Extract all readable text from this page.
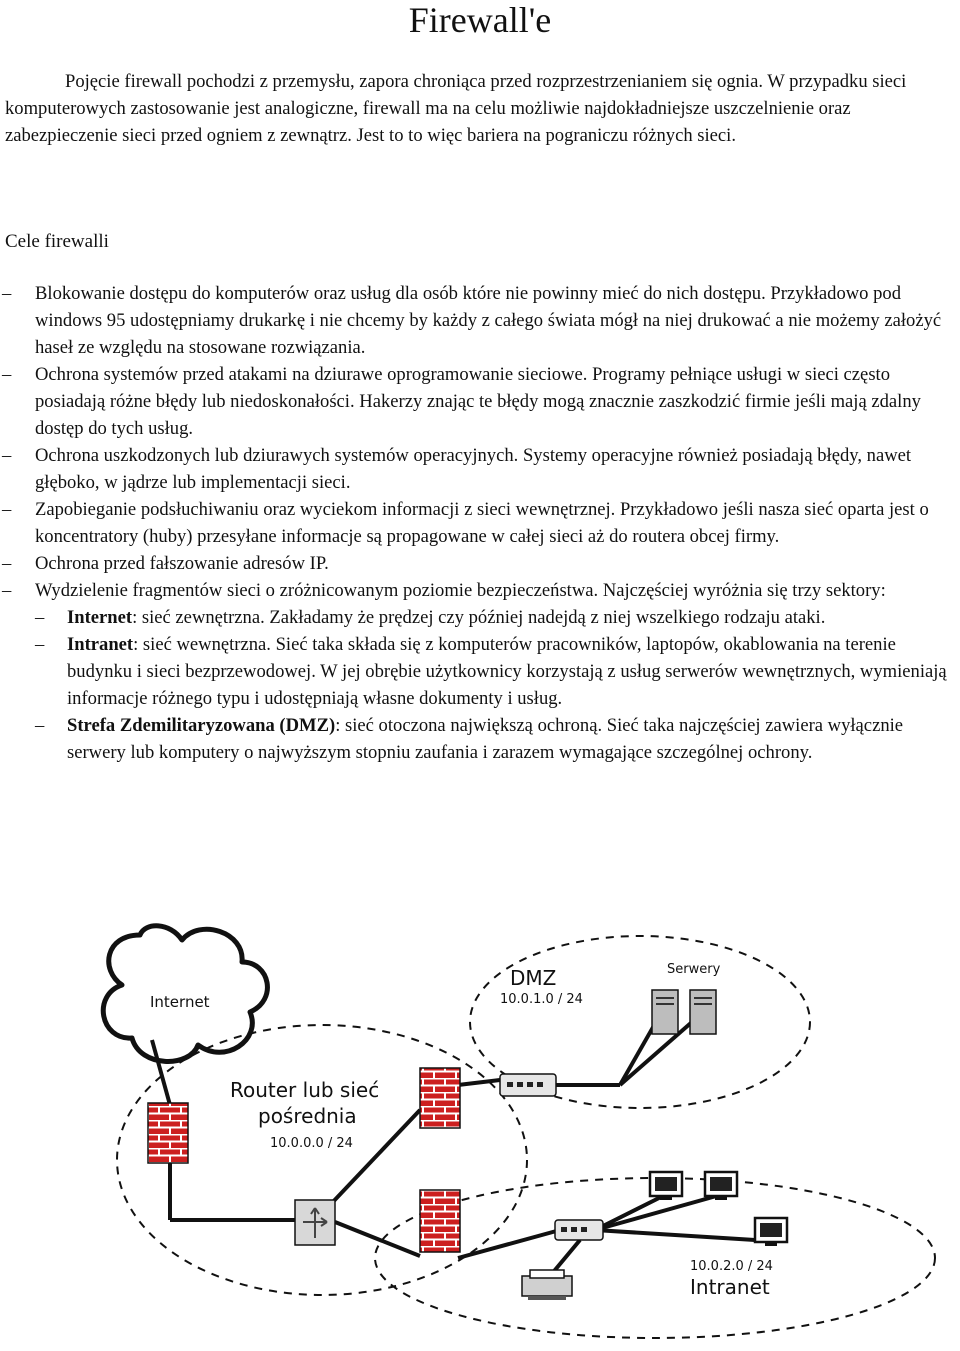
Firewall'e

Pojęcie firewall pochodzi z przemysłu, zapora chroniąca przed rozprzestrzenianiem się ognia. W przypadku sieci komputerowych zastosowanie jest analogiczne, firewall ma na celu możliwie najdokładniejsze uszczelnienie oraz zabezpieczenie sieci przed ogniem z zewnątrz. Jest to to więc bariera na pograniczu różnych sieci.

Cele firewalli

– Blokowanie dostępu do komputerów oraz usług dla osób które nie powinny mieć do nich dostępu. Przykładowo pod windows 95 udostępniamy drukarkę i nie chcemy by każdy z całego świata mógł na niej drukować a nie możemy założyć haseł ze względu na stosowane rozwiązania.
– Ochrona systemów przed atakami na dziurawe oprogramowanie sieciowe. Programy pełniące usługi w sieci często posiadają różne błędy lub niedoskonałości. Hakerzy znając te błędy mogą znacznie zaszkodzić firmie jeśli mają zdalny dostęp do tych usług.
– Ochrona uszkodzonych lub dziurawych systemów operacyjnych. Systemy operacyjne również posiadają błędy, nawet głęboko, w jądrze lub implementacji sieci.
– Zapobieganie podsłuchiwaniu oraz wyciekom informacji z sieci wewnętrznej. Przykładowo jeśli nasza sieć oparta jest o koncentratory (huby) przesyłane informacje są propagowane w całej sieci aż do routera obcej firmy.
– Ochrona przed fałszowanie adresów IP.
– Wydzielenie fragmentów sieci o zróżnicowanym poziomie bezpieczeństwa. Najczęściej wyróżnia się trzy sektory:
– Internet: sieć zewnętrzna. Zakładamy że prędzej czy później nadejdą z niej wszelkiego rodzaju ataki.
– Intranet: sieć wewnętrzna. Sieć taka składa się z komputerów pracowników, laptopów, okablowania na terenie budynku i sieci bezprzewodowej. W jej obrębie użytkownicy korzystają z usług serwerów wewnętrznych, wymieniają informacje różnego typu i udostępniają własne dokumenty i usług.
– Strefa Zdemilitaryzowana (DMZ): sieć otoczona największą ochroną. Sieć taka najczęściej zawiera wyłącznie serwery lub komputery o najwyższym stopniu zaufania i zarazem wymagające szczególnej ochrony.
Internet
Router lub sieć
pośrednia
10.0.0.0 / 24
DMZ
10.0.1.0 / 24
Serwery
10.0.2.0 / 24
Intranet
